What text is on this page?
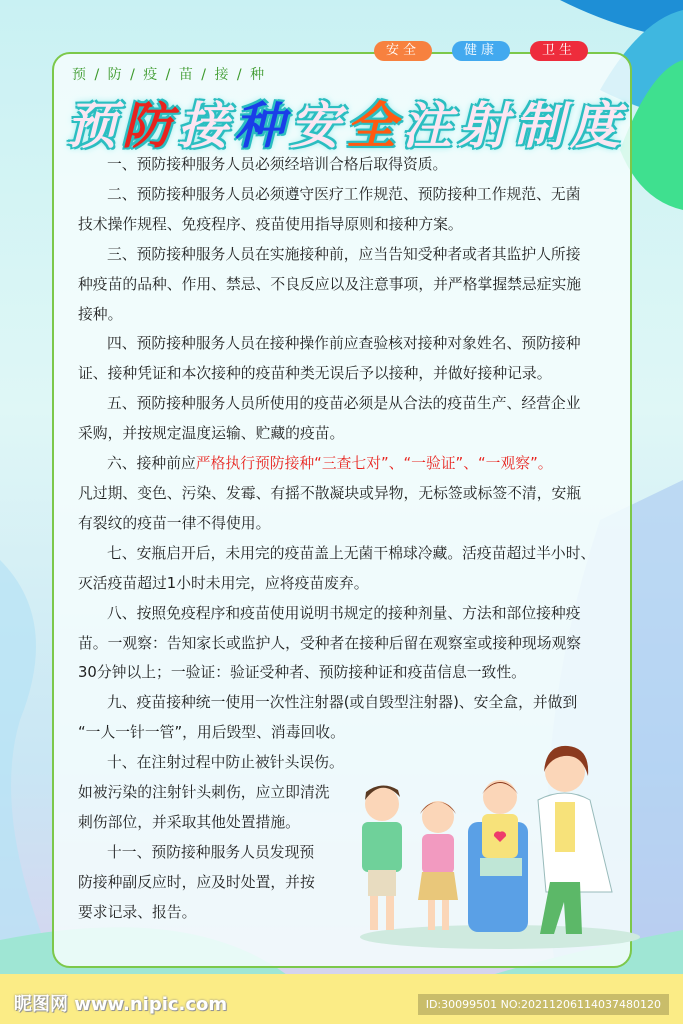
安全	健康	卫生
预 / 防 / 疫 / 苗 / 接 / 种
预防接种安全注射制度
一、预防接种服务人员必须经培训合格后取得资质。
二、预防接种服务人员必须遵守医疗工作规范、预防接种工作规范、无菌
技术操作规程、免疫程序、疫苗使用指导原则和接种方案。
三、预防接种服务人员在实施接种前，应当告知受种者或者其监护人所接
种疫苗的品种、作用、禁忌、不良反应以及注意事项，并严格掌握禁忌症实施
接种。
四、预防接种服务人员在接种操作前应查验核对接种对象姓名、预防接种
证、接种凭证和本次接种的疫苗种类无误后予以接种，并做好接种记录。
五、预防接种服务人员所使用的疫苗必须是从合法的疫苗生产、经营企业
采购，并按规定温度运输、贮藏的疫苗。
六、接种前应严格执行预防接种“三查七对”、“一验证”、“一观察”。
凡过期、变色、污染、发霉、有摇不散凝块或异物，无标签或标签不清，安瓶
有裂纹的疫苗一律不得使用。
七、安瓶启开后，未用完的疫苗盖上无菌干棉球冷藏。活疫苗超过半小时、
灭活疫苗超过1小时未用完，应将疫苗废弃。
八、按照免疫程序和疫苗使用说明书规定的接种剂量、方法和部位接种疫
苗。一观察：告知家长或监护人，受种者在接种后留在观察室或接种现场观察
30分钟以上；一验证：验证受种者、预防接种证和疫苗信息一致性。
九、疫苗接种统一使用一次性注射器(或自毁型注射器)、安全盒，并做到
“一人一针一管”，用后毁型、消毒回收。
十、在注射过程中防止被针头误伤。
如被污染的注射针头刺伤，应立即清洗
刺伤部位，并采取其他处置措施。
十一、预防接种服务人员发现预
防接种副反应时，应及时处置，并按
要求记录、报告。
昵图网 www.nipic.com	ID:30099501 NO:20211206114037480120
